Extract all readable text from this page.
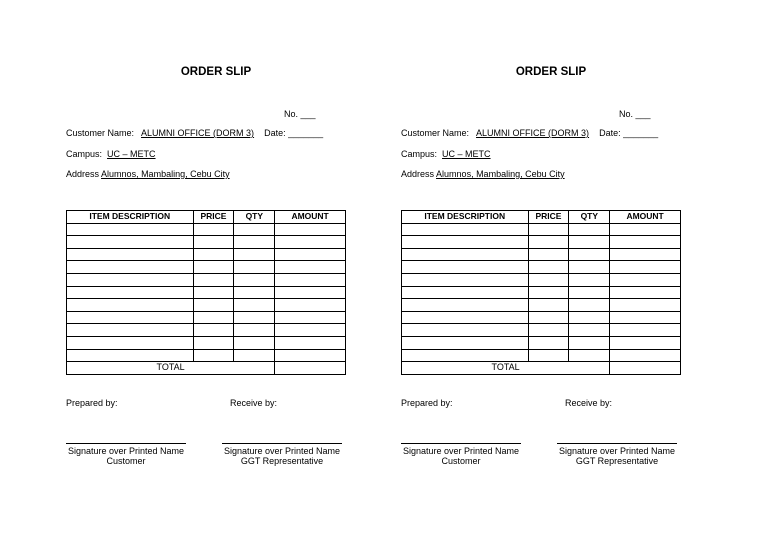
ORDER SLIP
No. ___
Customer Name: ALUMNI OFFICE (DORM 3) Date: _______
Campus: UC – METC
Address Alumnos, Mambaling, Cebu City
ITEM DESCRIPTION	PRICE	QTY	AMOUNT

TOTAL			
Prepared by:	Receive by:
Signature over Printed Name
Customer
Signature over Printed Name
GGT Representative
ORDER SLIP
No. ___
Customer Name: ALUMNI OFFICE (DORM 3) Date: _______
Campus: UC – METC
Address Alumnos, Mambaling, Cebu City
ITEM DESCRIPTION	PRICE	QTY	AMOUNT

TOTAL			
Prepared by:	Receive by:
Signature over Printed Name
Customer
Signature over Printed Name
GGT Representative
